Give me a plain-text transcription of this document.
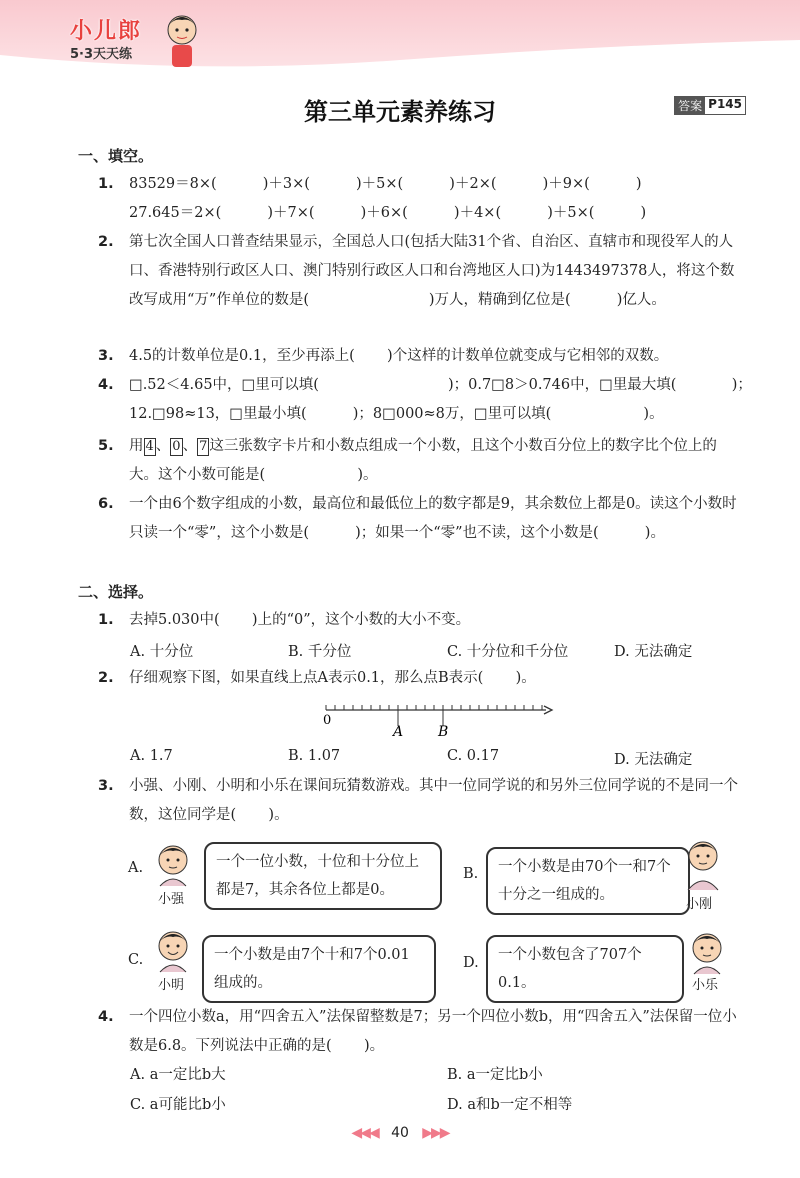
小儿郎
5·3天天练
第三单元素养练习	答案 P145
一、填空。
1. 83529＝8×(          )＋3×(          )＋5×(          )＋2×(          )＋9×(          )
27.645＝2×(          )＋7×(          )＋6×(          )＋4×(          )＋5×(          )
2. 第七次全国人口普查结果显示，全国总人口(包括大陆31个省、自治区、直辖市和现役军人的人口、香港特别行政区人口、澳门特别行政区人口和台湾地区人口)为1443497378人，将这个数改写成用“万”作单位的数是(                          )万人，精确到亿位是(          )亿人。
3. 4.5的计数单位是0.1，至少再添上(       )个这样的计数单位就变成与它相邻的双数。
4. □.52＜4.65中，□里可以填(                            )；0.7□8＞0.746中，□里最大填(            )；
12.□98≈13，□里最小填(          )；8□000≈8万，□里可以填(                    )。
5. 用 4 、 0 、 7 这三张数字卡片和小数点组成一个小数，且这个小数百分位上的数字比个位上的大。这个小数可能是(                    )。
6. 一个由6个数字组成的小数，最高位和最低位上的数字都是9，其余数位上都是0。读这个小数时只读一个“零”，这个小数是(          )；如果一个“零”也不读，这个小数是(          )。
二、选择。
1. 去掉5.030中(       )上的“0”，这个小数的大小不变。
A. 十分位	B. 千分位	C. 十分位和千分位	D. 无法确定
2. 仔细观察下图，如果直线上点A表示0.1，那么点B表示(       )。
0
A B
A. 1.7	B. 1.07	C. 0.17	D. 无法确定
3. 小强、小刚、小明和小乐在课间玩猜数游戏。其中一位同学说的和另外三位同学说的不是同一个数，这位同学是(       )。
A.
小强
一个一位小数，十位和十分位上都是7，其余各位上都是0。
B.	一个小数是由70个一和7个十分之一组成的。
小刚
C.
小明
一个小数是由7个十和7个0.01组成的。
D.	一个小数包含了707个0.1。	小乐
4. 一个四位小数a，用“四舍五入”法保留整数是7；另一个四位小数b，用“四舍五入”法保留一位小数是6.8。下列说法中正确的是(       )。
A. a一定比b大	B. a一定比b小
C. a可能比b小	D. a和b一定不相等
◀◀◀ 40 ▶▶▶
